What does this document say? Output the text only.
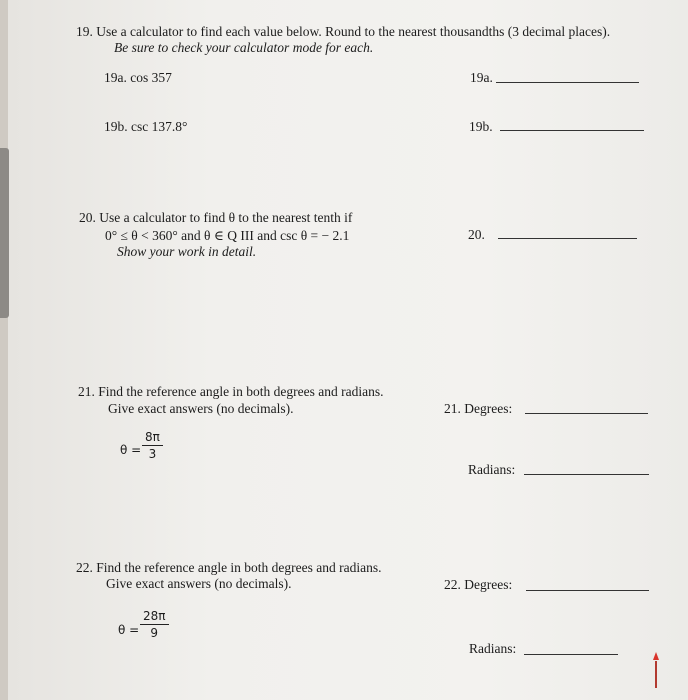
19. Use a calculator to find each value below. Round to the nearest thousandths (3 decimal places).
Be sure to check your calculator mode for each.
19a. cos 357	19a.
19b. csc 137.8°	19b.
20. Use a calculator to find θ to the nearest tenth if
0° ≤ θ < 360° and θ ∈ Q III and csc θ = − 2.1
Show your work in detail.
20.
21. Find the reference angle in both degrees and radians.
Give exact answers (no decimals).
$\theta = \frac{8\pi}{3}$
21. Degrees:
Radians:
22. Find the reference angle in both degrees and radians.
Give exact answers (no decimals).
$\theta = \frac{28\pi}{9}$
22. Degrees:
Radians:
